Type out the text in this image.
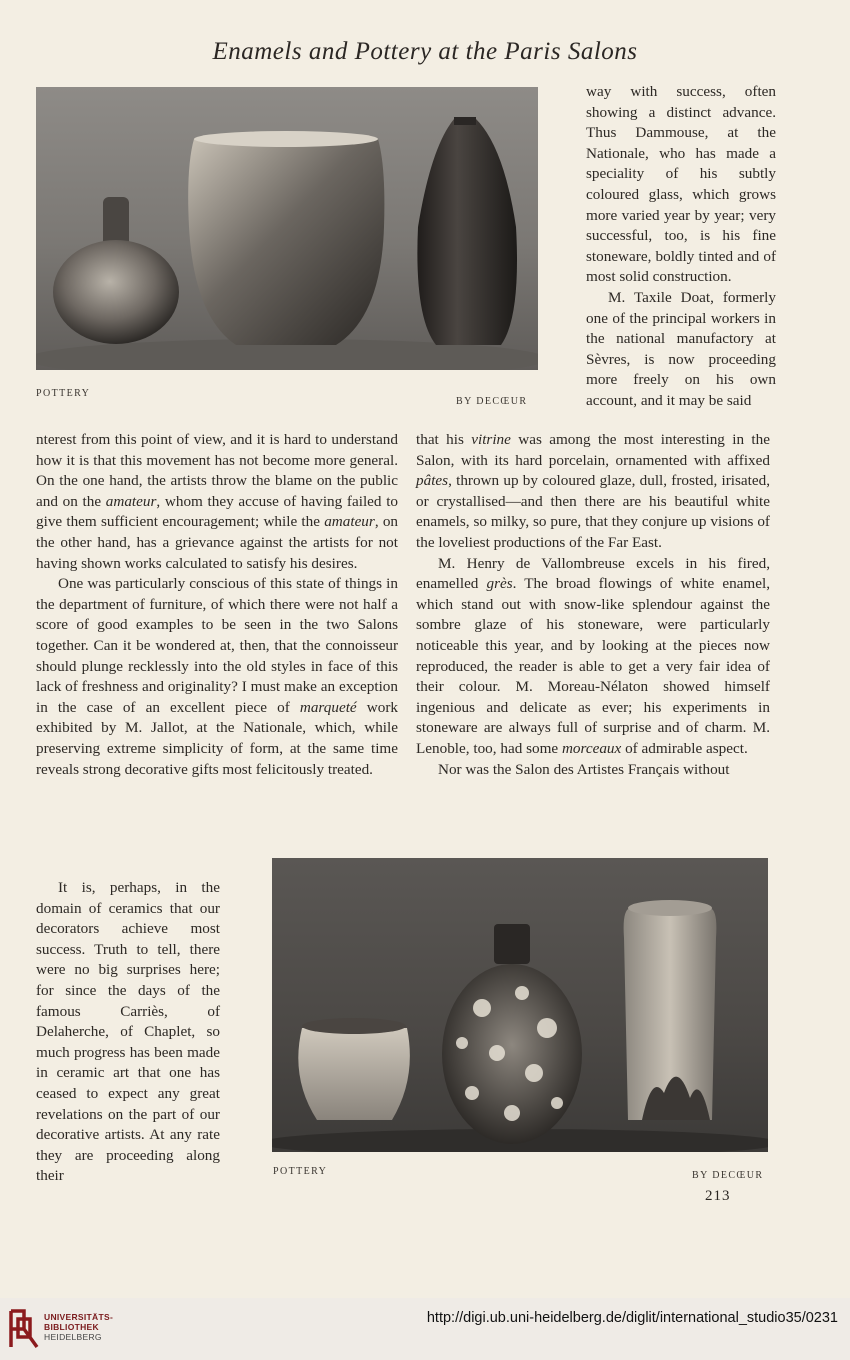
Enamels and Pottery at the Paris Salons
POTTERY
BY DECŒUR

way with success, often showing a distinct advance. Thus Dammouse, at the Nationale, who has made a speciality of his subtly coloured glass, which grows more varied year by year; very successful, too, is his fine stoneware, boldly tinted and of most solid construction.

M. Taxile Doat, formerly one of the principal workers in the national manufactory at Sèvres, is now proceeding more freely on his own account, and it may be said

nterest from this point of view, and it is hard to understand how it is that this movement has not become more general. On the one hand, the artists throw the blame on the public and on the amateur, whom they accuse of having failed to give them sufficient encouragement; while the amateur, on the other hand, has a grievance against the artists for not having shown works calculated to satisfy his desires.

One was particularly conscious of this state of things in the department of furniture, of which there were not half a score of good examples to be seen in the two Salons together. Can it be wondered at, then, that the connoisseur should plunge recklessly into the old styles in face of this lack of freshness and originality? I must make an exception in the case of an excellent piece of marqueté work exhibited by M. Jallot, at the Nationale, which, while preserving extreme simplicity of form, at the same time reveals strong decorative gifts most felicitously treated.

It is, perhaps, in the domain of ceramics that our decorators achieve most success. Truth to tell, there were no big surprises here; for since the days of the famous Carriès, of Delaherche, of Chaplet, so much progress has been made in ceramic art that one has ceased to expect any great revelations on the part of our decorative artists. At any rate they are proceeding along their

that his vitrine was among the most interesting in the Salon, with its hard porcelain, ornamented with affixed pâtes, thrown up by coloured glaze, dull, frosted, irisated, or crystallised—and then there are his beautiful white enamels, so milky, so pure, that they conjure up visions of the loveliest productions of the Far East.

M. Henry de Vallombreuse excels in his fired, enamelled grès. The broad flowings of white enamel, which stand out with snow-like splendour against the sombre glaze of his stoneware, were particularly noticeable this year, and by looking at the pieces now reproduced, the reader is able to get a very fair idea of their colour. M. Moreau-Nélaton showed himself ingenious and delicate as ever; his experiments in stoneware are always full of surprise and of charm. M. Lenoble, too, had some morceaux of admirable aspect.

Nor was the Salon des Artistes Français without

POTTERY	BY DECŒUR
213
UNIVERSITÄTS-
BIBLIOTHEK
HEIDELBERG
http://digi.ub.uni-heidelberg.de/diglit/international_studio35/0231
